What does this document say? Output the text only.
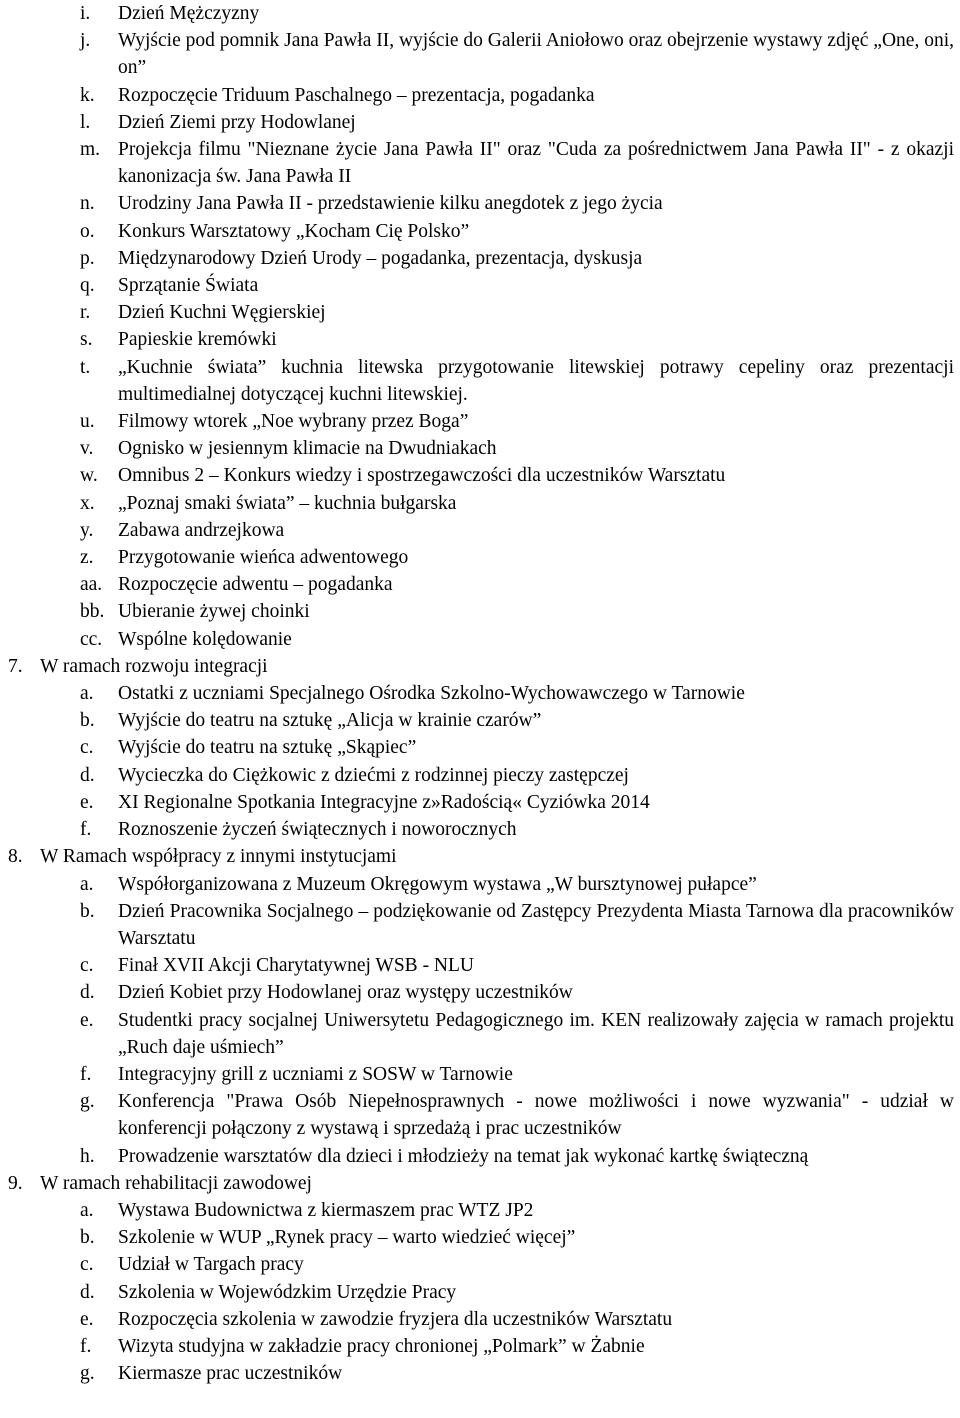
i.	Dzień Mężczyzny
j.	Wyjście pod pomnik Jana Pawła II, wyjście do Galerii Aniołowo oraz obejrzenie wystawy zdjęć „One, oni, on”
k.	Rozpoczęcie Triduum Paschalnego – prezentacja, pogadanka
l.	Dzień Ziemi przy Hodowlanej
m. Projekcja filmu "Nieznane życie Jana Pawła II" oraz "Cuda za pośrednictwem Jana Pawła II" - z okazji kanonizacja św. Jana Pawła II
n.	Urodziny Jana Pawła II - przedstawienie kilku anegdotek z jego życia
o.	Konkurs Warsztatowy „Kocham Cię Polsko”
p.	Międzynarodowy Dzień Urody – pogadanka, prezentacja, dyskusja
q.	Sprzątanie Świata
r.	Dzień Kuchni Węgierskiej
s.	Papieskie kremówki
t.	„Kuchnie świata” kuchnia litewska przygotowanie litewskiej potrawy cepeliny oraz prezentacji multimedialnej dotyczącej kuchni litewskiej.
u.	Filmowy wtorek „Noe wybrany przez Boga”
v.	Ognisko w jesiennym klimacie na Dwudniakach
w.	Omnibus 2 – Konkurs wiedzy i spostrzegawczości dla uczestników Warsztatu
x.	„Poznaj smaki świata” – kuchnia bułgarska
y.	Zabawa andrzejkowa
z.	Przygotowanie wieńca adwentowego
aa. Rozpoczęcie adwentu – pogadanka
bb. Ubieranie żywej choinki
cc. Wspólne kolędowanie
7. W ramach rozwoju integracji
a.	Ostatki z uczniami Specjalnego Ośrodka Szkolno-Wychowawczego w Tarnowie
b.	Wyjście do teatru na sztukę „Alicja w krainie czarów”
c.	Wyjście do teatru na sztukę „Skąpiec”
d.	Wycieczka do Ciężkowic z dziećmi z rodzinnej pieczy zastępczej
e.	XI Regionalne Spotkania Integracyjne z»Radością« Cyziówka 2014
f.	Roznoszenie życzeń świątecznych i noworocznych
8. W Ramach współpracy z innymi instytucjami
a.	Współorganizowana z Muzeum Okręgowym wystawa „W bursztynowej pułapce”
b.	Dzień Pracownika Socjalnego – podziękowanie od Zastępcy Prezydenta Miasta Tarnowa dla pracowników Warsztatu
c.	Finał XVII Akcji Charytatywnej WSB - NLU
d.	Dzień Kobiet przy Hodowlanej oraz występy uczestników
e.	Studentki pracy socjalnej Uniwersytetu Pedagogicznego im. KEN realizowały zajęcia w ramach projektu „Ruch daje uśmiech”
f.	Integracyjny grill z uczniami z SOSW w Tarnowie
g.	Konferencja "Prawa Osób Niepełnosprawnych - nowe możliwości i nowe wyzwania" - udział w konferencji połączony z wystawą i sprzedażą i prac uczestników
h.	Prowadzenie warsztatów dla dzieci i młodzieży na temat jak wykonać kartkę świąteczną
9. W ramach rehabilitacji zawodowej
a.	Wystawa Budownictwa z kiermaszem prac WTZ JP2
b.	Szkolenie w WUP „Rynek pracy – warto wiedzieć więcej”
c.	Udział w Targach pracy
d.	Szkolenia w Wojewódzkim Urzędzie Pracy
e.	Rozpoczęcia szkolenia w zawodzie fryzjera dla uczestników Warsztatu
f.	Wizyta studyjna w zakładzie pracy chronionej „Polmark” w Żabnie
g.	Kiermasze prac uczestników
